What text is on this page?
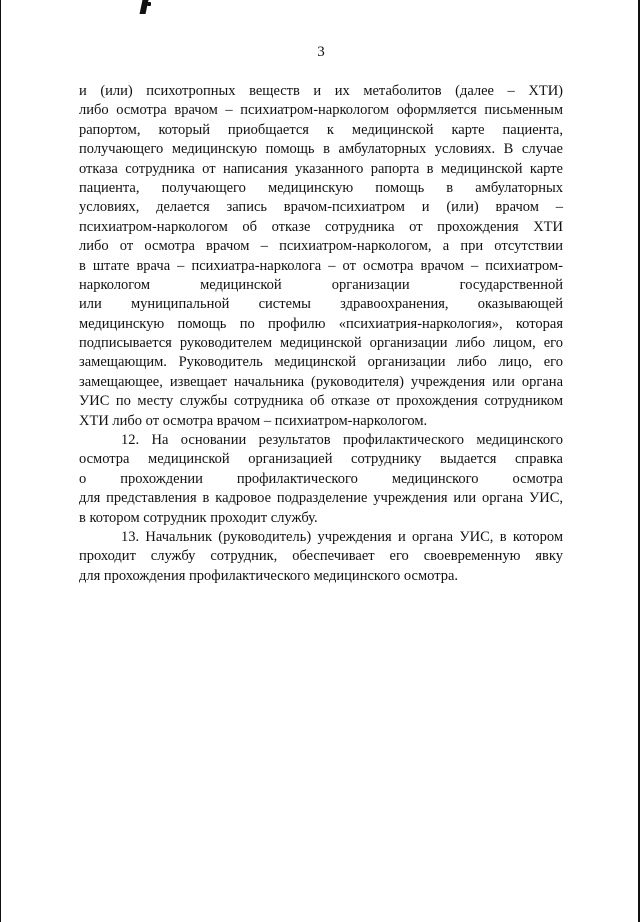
3
и (или) психотропных веществ и их метаболитов (далее – ХТИ)
либо осмотра врачом – психиатром-наркологом оформляется письменным
рапортом, который приобщается к медицинской карте пациента,
получающего медицинскую помощь в амбулаторных условиях. В случае
отказа сотрудника от написания указанного рапорта в медицинской карте
пациента, получающего медицинскую помощь в амбулаторных
условиях, делается запись врачом-психиатром и (или) врачом –
психиатром-наркологом об отказе сотрудника от прохождения ХТИ
либо от осмотра врачом – психиатром-наркологом, а при отсутствии
в штате врача – психиатра-нарколога – от осмотра врачом – психиатром-
наркологом медицинской организации государственной
или муниципальной системы здравоохранения, оказывающей
медицинскую помощь по профилю «психиатрия-наркология», которая
подписывается руководителем медицинской организации либо лицом, его
замещающим. Руководитель медицинской организации либо лицо, его
замещающее, извещает начальника (руководителя) учреждения или органа
УИС по месту службы сотрудника об отказе от прохождения сотрудником
ХТИ либо от осмотра врачом – психиатром-наркологом.
12. На основании результатов профилактического медицинского
осмотра медицинской организацией сотруднику выдается справка
о прохождении профилактического медицинского осмотра
для представления в кадровое подразделение учреждения или органа УИС,
в котором сотрудник проходит службу.
13. Начальник (руководитель) учреждения и органа УИС, в котором
проходит службу сотрудник, обеспечивает его своевременную явку
для прохождения профилактического медицинского осмотра.
